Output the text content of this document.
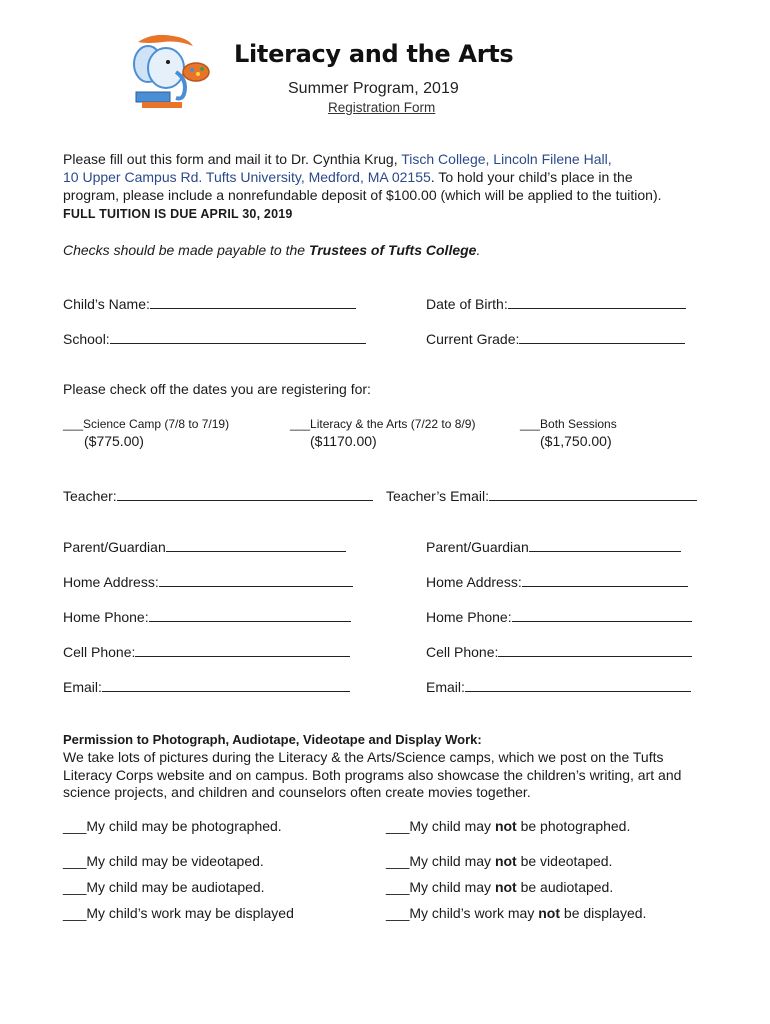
Literacy and the Arts
Summer Program, 2019
Registration Form
Please fill out this form and mail it to Dr. Cynthia Krug, Tisch College, Lincoln Filene Hall,
10 Upper Campus Rd. Tufts University, Medford, MA 02155. To hold your child’s place in the program, please include a nonrefundable deposit of $100.00 (which will be applied to the tuition). FULL TUITION IS DUE APRIL 30, 2019
Checks should be made payable to the Trustees of Tufts College.
Child’s Name:	Date of Birth:
School:	Current Grade:
Please check off the dates you are registering for:
___Science Camp (7/8 to 7/19)	___Literacy & the Arts (7/22 to 8/9)	___Both Sessions
($775.00)	($1170.00)	($1,750.00)
Teacher:	Teacher’s Email:
Parent/Guardian	Parent/Guardian
Home Address:	Home Address:
Home Phone:	Home Phone:
Cell Phone:	Cell Phone:
Email:	Email:
Permission to Photograph, Audiotape, Videotape and Display Work:
We take lots of pictures during the Literacy & the Arts/Science camps, which we post on the Tufts Literacy Corps website and on campus. Both programs also showcase the children’s writing, art and science projects, and children and counselors often create movies together.
___My child may be photographed.	___My child may not be photographed.
___My child may be videotaped.	___My child may not be videotaped.
___My child may be audiotaped.	___My child may not be audiotaped.
___My child’s work may be displayed	___My child’s work may not be displayed.
